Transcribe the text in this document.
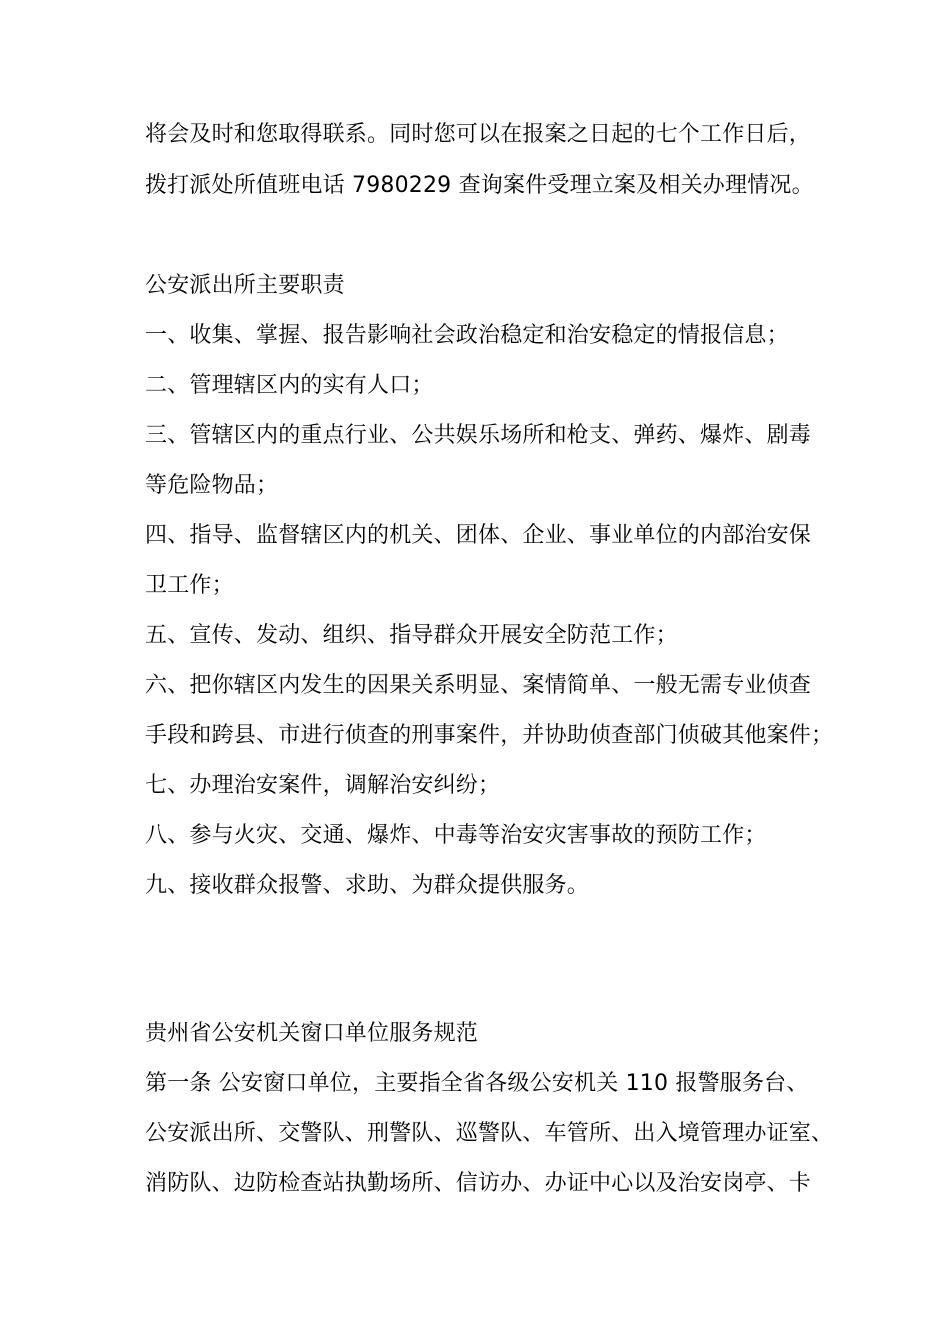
将会及时和您取得联系。同时您可以在报案之日起的七个工作日后，
拨打派处所值班电话 7980229 查询案件受理立案及相关办理情况。
公安派出所主要职责
一、收集、掌握、报告影响社会政治稳定和治安稳定的情报信息；
二、管理辖区内的实有人口；
三、管辖区内的重点行业、公共娱乐场所和枪支、弹药、爆炸、剧毒
等危险物品；
四、指导、监督辖区内的机关、团体、企业、事业单位的内部治安保
卫工作；
五、宣传、发动、组织、指导群众开展安全防范工作；
六、把你辖区内发生的因果关系明显、案情简单、一般无需专业侦查
手段和跨县、市进行侦查的刑事案件，并协助侦查部门侦破其他案件；
七、办理治安案件，调解治安纠纷；
八、参与火灾、交通、爆炸、中毒等治安灾害事故的预防工作；
九、接收群众报警、求助、为群众提供服务。
贵州省公安机关窗口单位服务规范
第一条 公安窗口单位，主要指全省各级公安机关 110 报警服务台、
公安派出所、交警队、刑警队、巡警队、车管所、出入境管理办证室、
消防队、边防检查站执勤场所、信访办、办证中心以及治安岗亭、卡
